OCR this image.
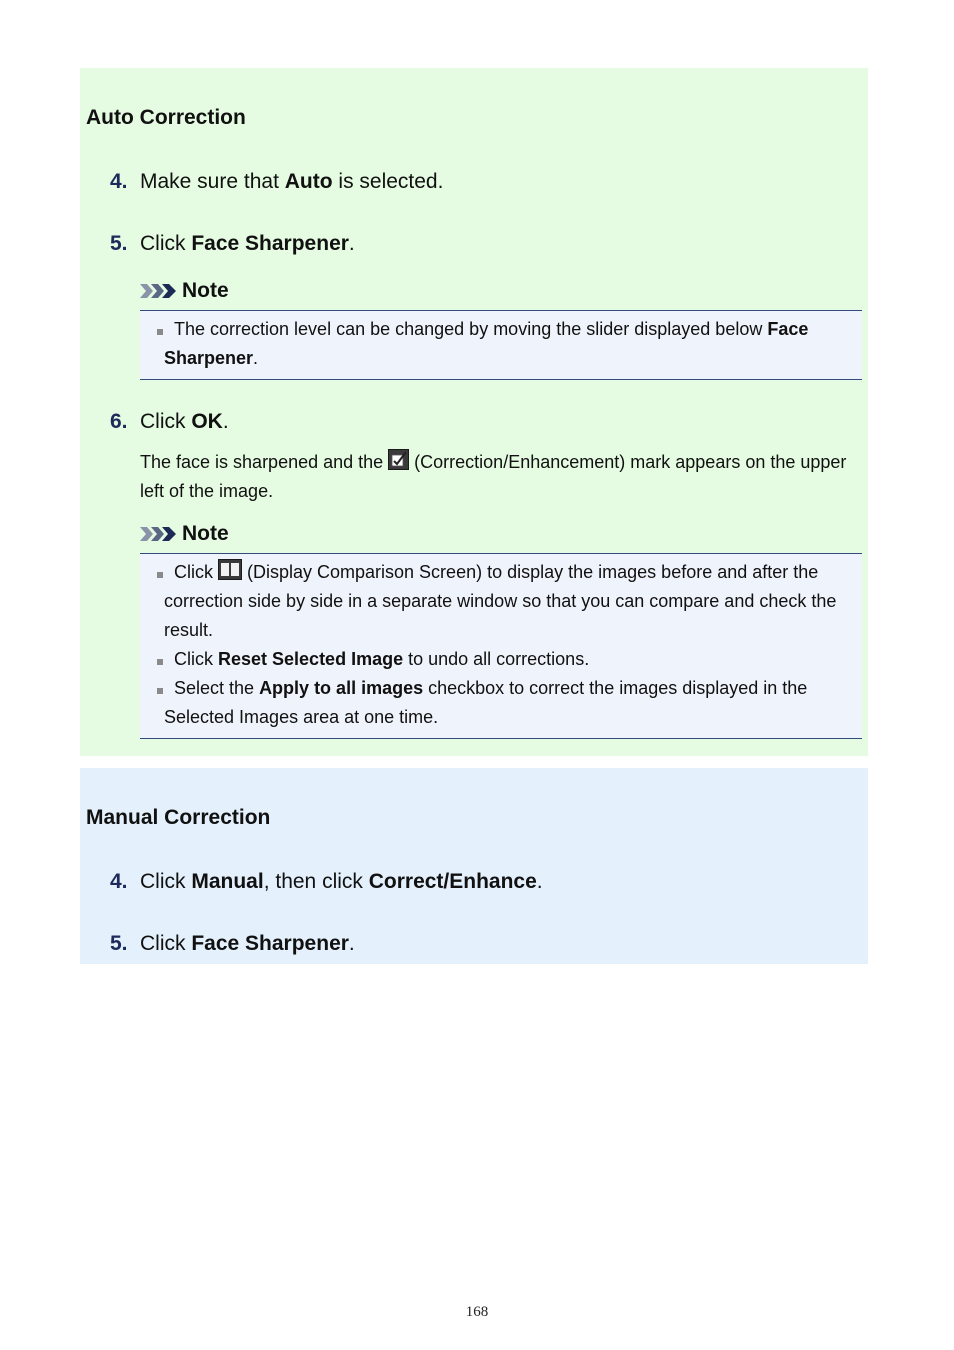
Auto Correction
4. Make sure that Auto is selected.
5. Click Face Sharpener.
Note

The correction level can be changed by moving the slider displayed below Face Sharpener.

6. Click OK.

The face is sharpened and the  (Correction/Enhancement) mark appears on the upper left of the image.

Note

Click  (Display Comparison Screen) to display the images before and after the correction side by side in a separate window so that you can compare and check the result.

Click Reset Selected Image to undo all corrections.

Select the Apply to all images checkbox to correct the images displayed in the Selected Images area at one time.

Manual Correction
4. Click Manual, then click Correct/Enhance.
5. Click Face Sharpener.
168
